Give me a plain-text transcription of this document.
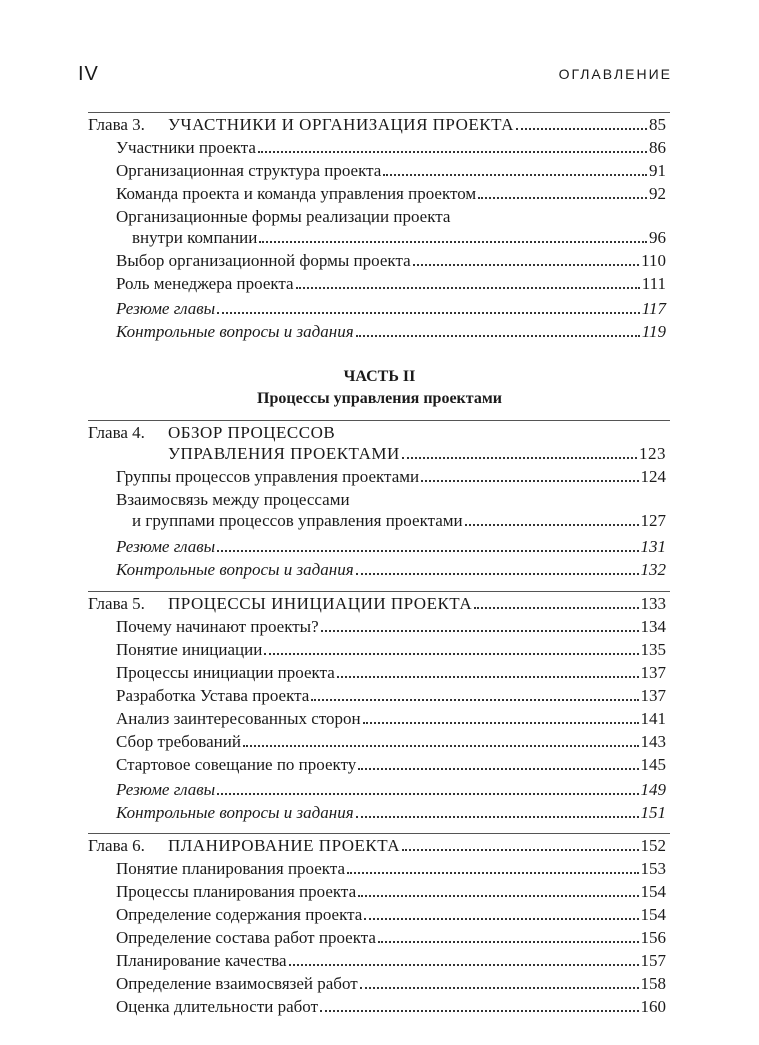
IV	ОГЛАВЛЕНИЕ
Глава 3. УЧАСТНИКИ И ОРГАНИЗАЦИЯ ПРОЕКТА	85
Участники проекта	86
Организационная структура проекта	91
Команда проекта и команда управления проектом	92
Организационные формы реализации проекта
внутри компании	96
Выбор организационной формы проекта	110
Роль менеджера проекта	111
Резюме главы	117
Контрольные вопросы и задания	119
ЧАСТЬ II
Процессы управления проектами
Глава 4. ОБЗОР ПРОЦЕССОВ
УПРАВЛЕНИЯ ПРОЕКТАМИ	123
Группы процессов управления проектами	124
Взаимосвязь между процессами
и группами процессов управления проектами	127
Резюме главы	131
Контрольные вопросы и задания	132
Глава 5. ПРОЦЕССЫ ИНИЦИАЦИИ ПРОЕКТА	133
Почему начинают проекты?	134
Понятие инициации	135
Процессы инициации проекта	137
Разработка Устава проекта	137
Анализ заинтересованных сторон	141
Сбор требований	143
Стартовое совещание по проекту	145
Резюме главы	149
Контрольные вопросы и задания	151
Глава 6. ПЛАНИРОВАНИЕ ПРОЕКТА	152
Понятие планирования проекта	153
Процессы планирования проекта	154
Определение содержания проекта	154
Определение состава работ проекта	156
Планирование качества	157
Определение взаимосвязей работ	158
Оценка длительности работ	160
